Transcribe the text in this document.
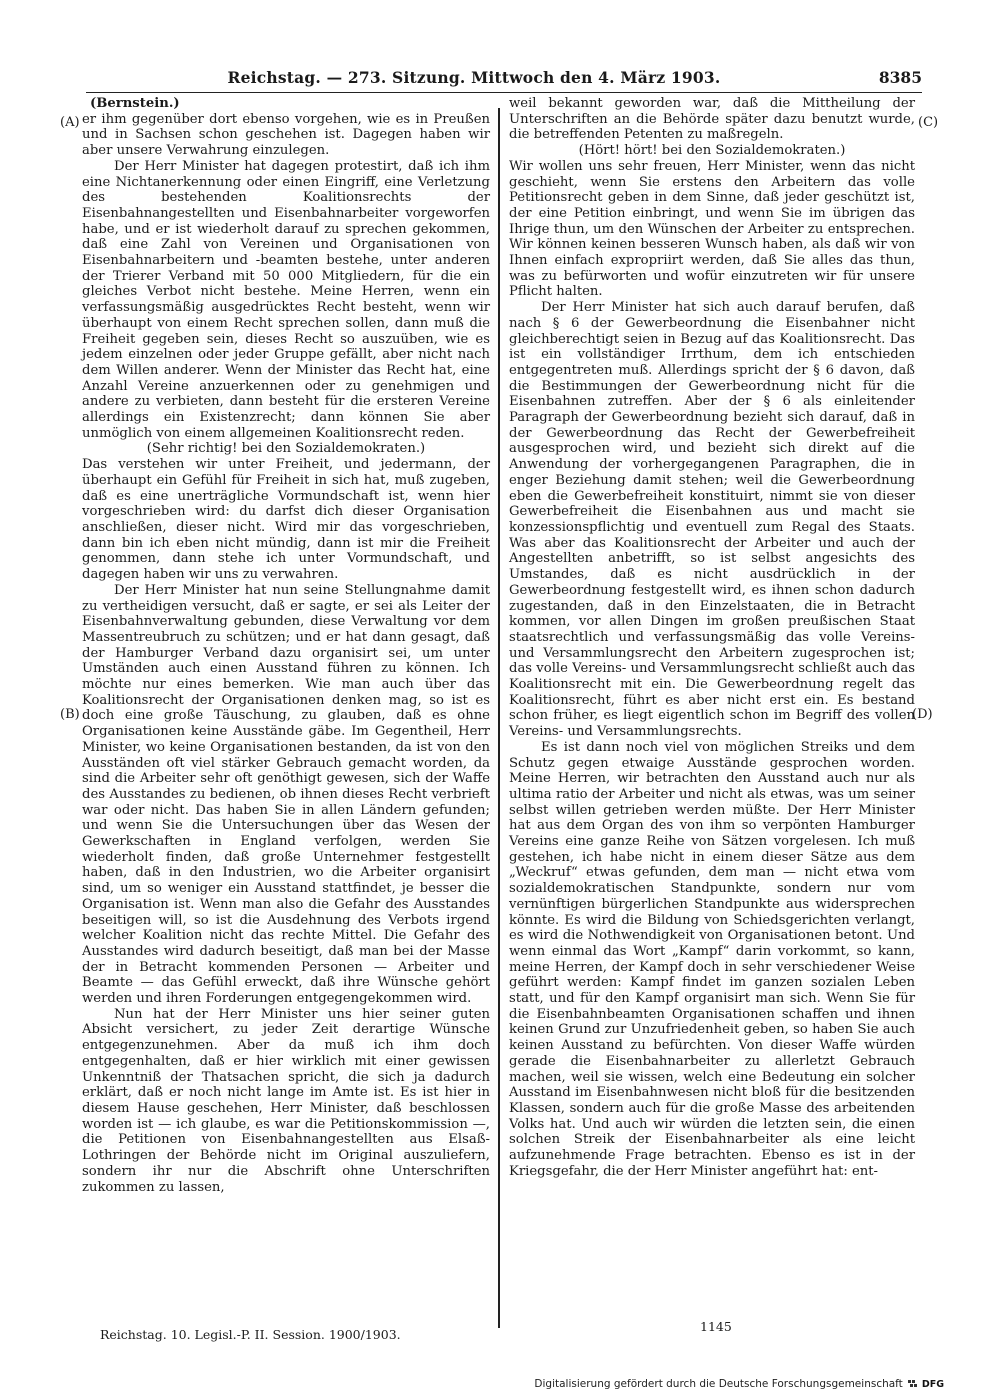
Reichstag. — 273. Sitzung. Mittwoch den 4. März 1903.	8385
(A)
(B)
(C)
(D)
(Bernstein.)

er ihm gegenüber dort ebenso vorgehen, wie es in Preußen und in Sachsen schon geschehen ist. Dagegen haben wir aber unsere Verwahrung einzulegen.

Der Herr Minister hat dagegen protestirt, daß ich ihm eine Nichtanerkennung oder einen Eingriff, eine Verletzung des bestehenden Koalitionsrechts der Eisenbahnangestellten und Eisenbahnarbeiter vorgeworfen habe, und er ist wiederholt darauf zu sprechen gekommen, daß eine Zahl von Vereinen und Organisationen von Eisenbahnarbeitern und -beamten bestehe, unter anderen der Trierer Verband mit 50 000 Mitgliedern, für die ein gleiches Verbot nicht bestehe. Meine Herren, wenn ein verfassungsmäßig ausgedrücktes Recht besteht, wenn wir überhaupt von einem Recht sprechen sollen, dann muß die Freiheit gegeben sein, dieses Recht so auszuüben, wie es jedem einzelnen oder jeder Gruppe gefällt, aber nicht nach dem Willen anderer. Wenn der Minister das Recht hat, eine Anzahl Vereine anzuerkennen oder zu genehmigen und andere zu verbieten, dann besteht für die ersteren Vereine allerdings ein Existenzrecht; dann können Sie aber unmöglich von einem allgemeinen Koalitionsrecht reden.

(Sehr richtig! bei den Sozialdemokraten.)

Das verstehen wir unter Freiheit, und jedermann, der überhaupt ein Gefühl für Freiheit in sich hat, muß zugeben, daß es eine unerträgliche Vormundschaft ist, wenn hier vorgeschrieben wird: du darfst dich dieser Organisation anschließen, dieser nicht. Wird mir das vorgeschrieben, dann bin ich eben nicht mündig, dann ist mir die Freiheit genommen, dann stehe ich unter Vormundschaft, und dagegen haben wir uns zu verwahren.

Der Herr Minister hat nun seine Stellungnahme damit zu vertheidigen versucht, daß er sagte, er sei als Leiter der Eisenbahnverwaltung gebunden, diese Verwaltung vor dem Massentreubruch zu schützen; und er hat dann gesagt, daß der Hamburger Verband dazu organisirt sei, um unter Umständen auch einen Ausstand führen zu können. Ich möchte nur eines bemerken. Wie man auch über das Koalitionsrecht der Organisationen denken mag, so ist es doch eine große Täuschung, zu glauben, daß es ohne Organisationen keine Ausstände gäbe. Im Gegentheil, Herr Minister, wo keine Organisationen bestanden, da ist von den Ausständen oft viel stärker Gebrauch gemacht worden, da sind die Arbeiter sehr oft genöthigt gewesen, sich der Waffe des Ausstandes zu bedienen, ob ihnen dieses Recht verbrieft war oder nicht. Das haben Sie in allen Ländern gefunden; und wenn Sie die Untersuchungen über das Wesen der Gewerkschaften in England verfolgen, werden Sie wiederholt finden, daß große Unternehmer festgestellt haben, daß in den Industrien, wo die Arbeiter organisirt sind, um so weniger ein Ausstand stattfindet, je besser die Organisation ist. Wenn man also die Gefahr des Ausstandes beseitigen will, so ist die Ausdehnung des Verbots irgend welcher Koalition nicht das rechte Mittel. Die Gefahr des Ausstandes wird dadurch beseitigt, daß man bei der Masse der in Betracht kommenden Personen — Arbeiter und Beamte — das Gefühl erweckt, daß ihre Wünsche gehört werden und ihren Forderungen entgegengekommen wird.

Nun hat der Herr Minister uns hier seiner guten Absicht versichert, zu jeder Zeit derartige Wünsche entgegenzunehmen. Aber da muß ich ihm doch entgegenhalten, daß er hier wirklich mit einer gewissen Unkenntniß der Thatsachen spricht, die sich ja dadurch erklärt, daß er noch nicht lange im Amte ist. Es ist hier in diesem Hause geschehen, Herr Minister, daß beschlossen worden ist — ich glaube, es war die Petitionskommission —, die Petitionen von Eisenbahnangestellten aus Elsaß-Lothringen der Behörde nicht im Original auszuliefern, sondern ihr nur die Abschrift ohne Unterschriften zukommen zu lassen,

weil bekannt geworden war, daß die Mittheilung der Unterschriften an die Behörde später dazu benutzt wurde, die betreffenden Petenten zu maßregeln.

(Hört! hört! bei den Sozialdemokraten.)

Wir wollen uns sehr freuen, Herr Minister, wenn das nicht geschieht, wenn Sie erstens den Arbeitern das volle Petitionsrecht geben in dem Sinne, daß jeder geschützt ist, der eine Petition einbringt, und wenn Sie im übrigen das Ihrige thun, um den Wünschen der Arbeiter zu entsprechen. Wir können keinen besseren Wunsch haben, als daß wir von Ihnen einfach expropriirt werden, daß Sie alles das thun, was zu befürworten und wofür einzutreten wir für unsere Pflicht halten.

Der Herr Minister hat sich auch darauf berufen, daß nach § 6 der Gewerbeordnung die Eisenbahner nicht gleichberechtigt seien in Bezug auf das Koalitionsrecht. Das ist ein vollständiger Irrthum, dem ich entschieden entgegentreten muß. Allerdings spricht der § 6 davon, daß die Bestimmungen der Gewerbeordnung nicht für die Eisenbahnen zutreffen. Aber der § 6 als einleitender Paragraph der Gewerbeordnung bezieht sich darauf, daß in der Gewerbeordnung das Recht der Gewerbefreiheit ausgesprochen wird, und bezieht sich direkt auf die Anwendung der vorhergegangenen Paragraphen, die in enger Beziehung damit stehen; weil die Gewerbeordnung eben die Gewerbefreiheit konstituirt, nimmt sie von dieser Gewerbefreiheit die Eisenbahnen aus und macht sie konzessionspflichtig und eventuell zum Regal des Staats. Was aber das Koalitionsrecht der Arbeiter und auch der Angestellten anbetrifft, so ist selbst angesichts des Umstandes, daß es nicht ausdrücklich in der Gewerbeordnung festgestellt wird, es ihnen schon dadurch zugestanden, daß in den Einzelstaaten, die in Betracht kommen, vor allen Dingen im großen preußischen Staat staatsrechtlich und verfassungsmäßig das volle Vereins- und Versammlungsrecht den Arbeitern zugesprochen ist; das volle Vereins- und Versammlungsrecht schließt auch das Koalitionsrecht mit ein. Die Gewerbeordnung regelt das Koalitionsrecht, führt es aber nicht erst ein. Es bestand schon früher, es liegt eigentlich schon im Begriff des vollen Vereins- und Versammlungsrechts.

Es ist dann noch viel von möglichen Streiks und dem Schutz gegen etwaige Ausstände gesprochen worden. Meine Herren, wir betrachten den Ausstand auch nur als ultima ratio der Arbeiter und nicht als etwas, was um seiner selbst willen getrieben werden müßte. Der Herr Minister hat aus dem Organ des von ihm so verpönten Hamburger Vereins eine ganze Reihe von Sätzen vorgelesen. Ich muß gestehen, ich habe nicht in einem dieser Sätze aus dem „Weckruf“ etwas gefunden, dem man — nicht etwa vom sozialdemokratischen Standpunkte, sondern nur vom vernünftigen bürgerlichen Standpunkte aus widersprechen könnte. Es wird die Bildung von Schiedsgerichten verlangt, es wird die Nothwendigkeit von Organisationen betont. Und wenn einmal das Wort „Kampf“ darin vorkommt, so kann, meine Herren, der Kampf doch in sehr verschiedener Weise geführt werden: Kampf findet im ganzen sozialen Leben statt, und für den Kampf organisirt man sich. Wenn Sie für die Eisenbahnbeamten Organisationen schaffen und ihnen keinen Grund zur Unzufriedenheit geben, so haben Sie auch keinen Ausstand zu befürchten. Von dieser Waffe würden gerade die Eisenbahnarbeiter zu allerletzt Gebrauch machen, weil sie wissen, welch eine Bedeutung ein solcher Ausstand im Eisenbahnwesen nicht bloß für die besitzenden Klassen, sondern auch für die große Masse des arbeitenden Volks hat. Und auch wir würden die letzten sein, die einen solchen Streik der Eisenbahnarbeiter als eine leicht aufzunehmende Frage betrachten. Ebenso es ist in der Kriegsgefahr, die der Herr Minister angeführt hat: ent-

Reichstag. 10. Legisl.-P. II. Session. 1900/1903.
1145
Digitalisierung gefördert durch die Deutsche Forschungsgemeinschaft DFG
